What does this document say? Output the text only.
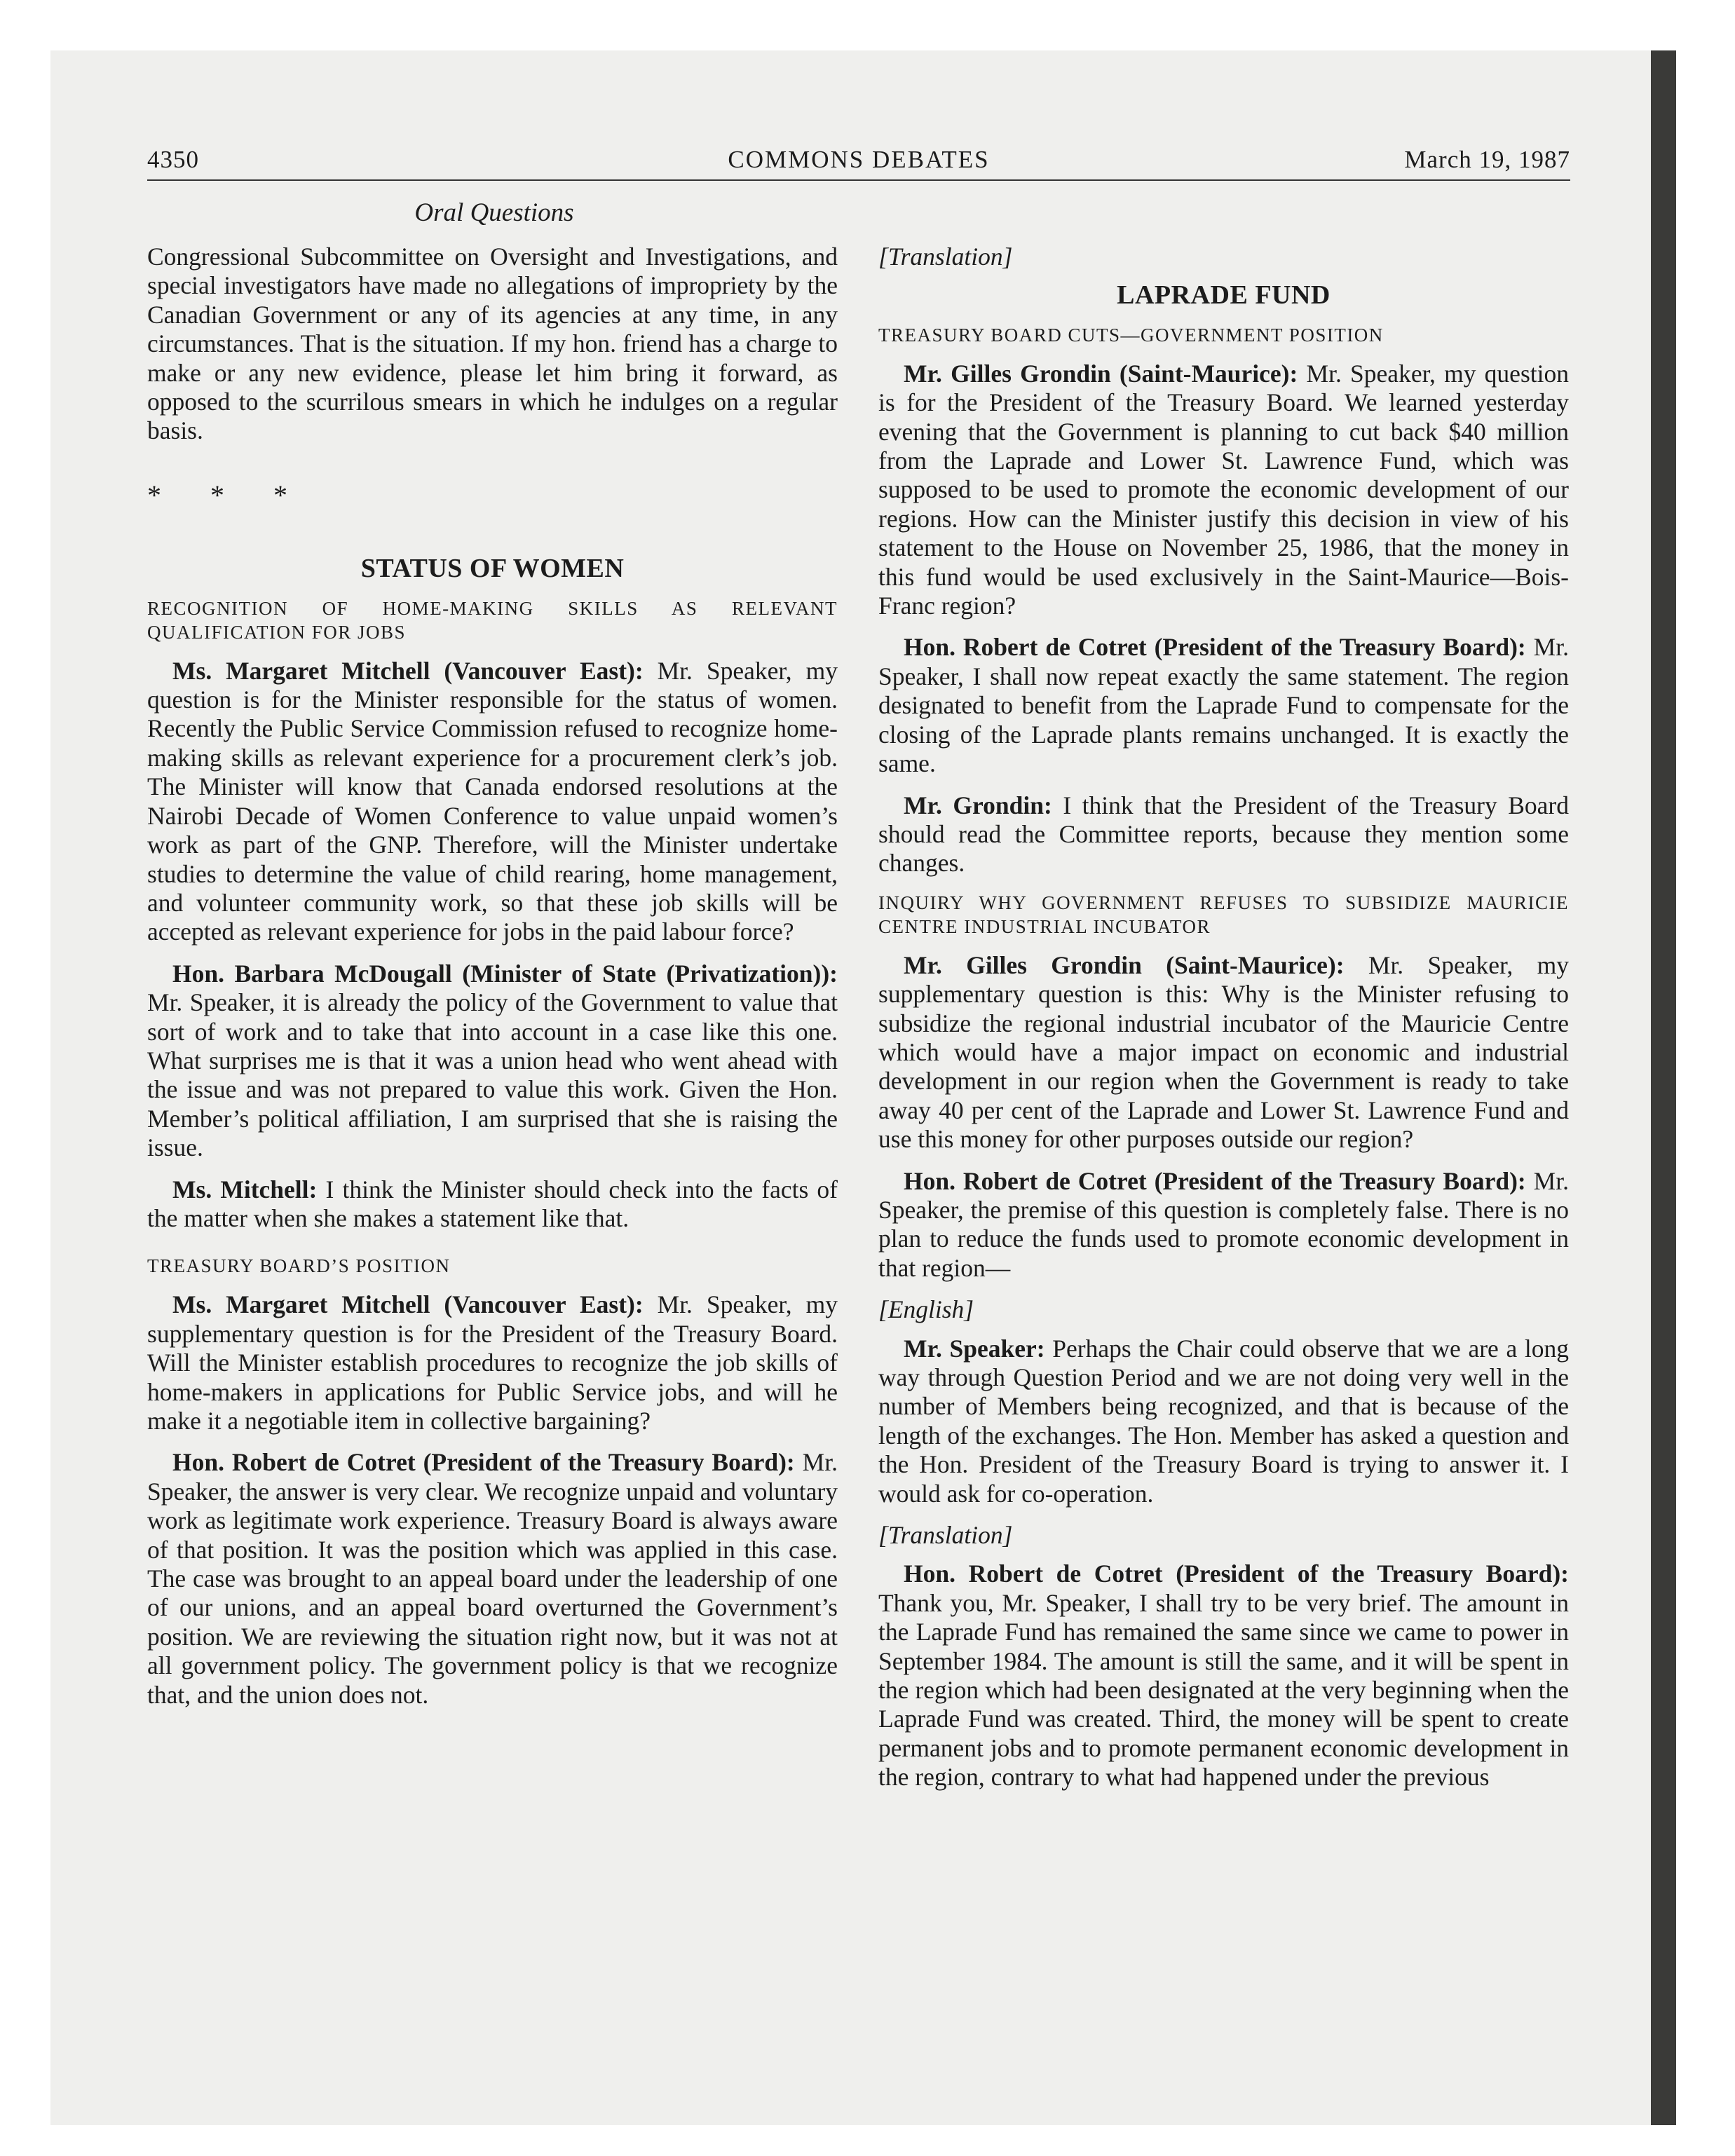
4350	COMMONS DEBATES	March 19, 1987
Oral Questions

Congressional Subcommittee on Oversight and Investigations, and special investigators have made no allegations of impropriety by the Canadian Government or any of its agencies at any time, in any circumstances. That is the situation. If my hon. friend has a charge to make or any new evidence, please let him bring it forward, as opposed to the scurrilous smears in which he indulges on a regular basis.

* * *

STATUS OF WOMEN

RECOGNITION OF HOME-MAKING SKILLS AS RELEVANT QUALIFICATION FOR JOBS

Ms. Margaret Mitchell (Vancouver East): Mr. Speaker, my question is for the Minister responsible for the status of women. Recently the Public Service Commission refused to recognize home-making skills as relevant experience for a procurement clerk’s job. The Minister will know that Canada endorsed resolutions at the Nairobi Decade of Women Conference to value unpaid women’s work as part of the GNP. Therefore, will the Minister undertake studies to determine the value of child rearing, home management, and volunteer community work, so that these job skills will be accepted as relevant experience for jobs in the paid labour force?

Hon. Barbara McDougall (Minister of State (Privatization)): Mr. Speaker, it is already the policy of the Government to value that sort of work and to take that into account in a case like this one. What surprises me is that it was a union head who went ahead with the issue and was not prepared to value this work. Given the Hon. Member’s political affiliation, I am surprised that she is raising the issue.

Ms. Mitchell: I think the Minister should check into the facts of the matter when she makes a statement like that.

TREASURY BOARD’S POSITION

Ms. Margaret Mitchell (Vancouver East): Mr. Speaker, my supplementary question is for the President of the Treasury Board. Will the Minister establish procedures to recognize the job skills of home-makers in applications for Public Service jobs, and will he make it a negotiable item in collective bargaining?

Hon. Robert de Cotret (President of the Treasury Board): Mr. Speaker, the answer is very clear. We recognize unpaid and voluntary work as legitimate work experience. Treasury Board is always aware of that position. It was the position which was applied in this case. The case was brought to an appeal board under the leadership of one of our unions, and an appeal board overturned the Government’s position. We are reviewing the situation right now, but it was not at all government policy. The government policy is that we recognize that, and the union does not.

[Translation]

LAPRADE FUND

TREASURY BOARD CUTS—GOVERNMENT POSITION

Mr. Gilles Grondin (Saint-Maurice): Mr. Speaker, my question is for the President of the Treasury Board. We learned yesterday evening that the Government is planning to cut back $40 million from the Laprade and Lower St. Lawrence Fund, which was supposed to be used to promote the economic development of our regions. How can the Minister justify this decision in view of his statement to the House on November 25, 1986, that the money in this fund would be used exclusively in the Saint-Maurice—Bois-Franc region?

Hon. Robert de Cotret (President of the Treasury Board): Mr. Speaker, I shall now repeat exactly the same statement. The region designated to benefit from the Laprade Fund to compensate for the closing of the Laprade plants remains unchanged. It is exactly the same.

Mr. Grondin: I think that the President of the Treasury Board should read the Committee reports, because they mention some changes.

INQUIRY WHY GOVERNMENT REFUSES TO SUBSIDIZE MAURICIE CENTRE INDUSTRIAL INCUBATOR

Mr. Gilles Grondin (Saint-Maurice): Mr. Speaker, my supplementary question is this: Why is the Minister refusing to subsidize the regional industrial incubator of the Mauricie Centre which would have a major impact on economic and industrial development in our region when the Government is ready to take away 40 per cent of the Laprade and Lower St. Lawrence Fund and use this money for other purposes outside our region?

Hon. Robert de Cotret (President of the Treasury Board): Mr. Speaker, the premise of this question is completely false. There is no plan to reduce the funds used to promote economic development in that region—

[English]

Mr. Speaker: Perhaps the Chair could observe that we are a long way through Question Period and we are not doing very well in the number of Members being recognized, and that is because of the length of the exchanges. The Hon. Member has asked a question and the Hon. President of the Treasury Board is trying to answer it. I would ask for co-operation.

[Translation]

Hon. Robert de Cotret (President of the Treasury Board): Thank you, Mr. Speaker, I shall try to be very brief. The amount in the Laprade Fund has remained the same since we came to power in September 1984. The amount is still the same, and it will be spent in the region which had been designated at the very beginning when the Laprade Fund was created. Third, the money will be spent to create permanent jobs and to promote permanent economic development in the region, contrary to what had happened under the previous
